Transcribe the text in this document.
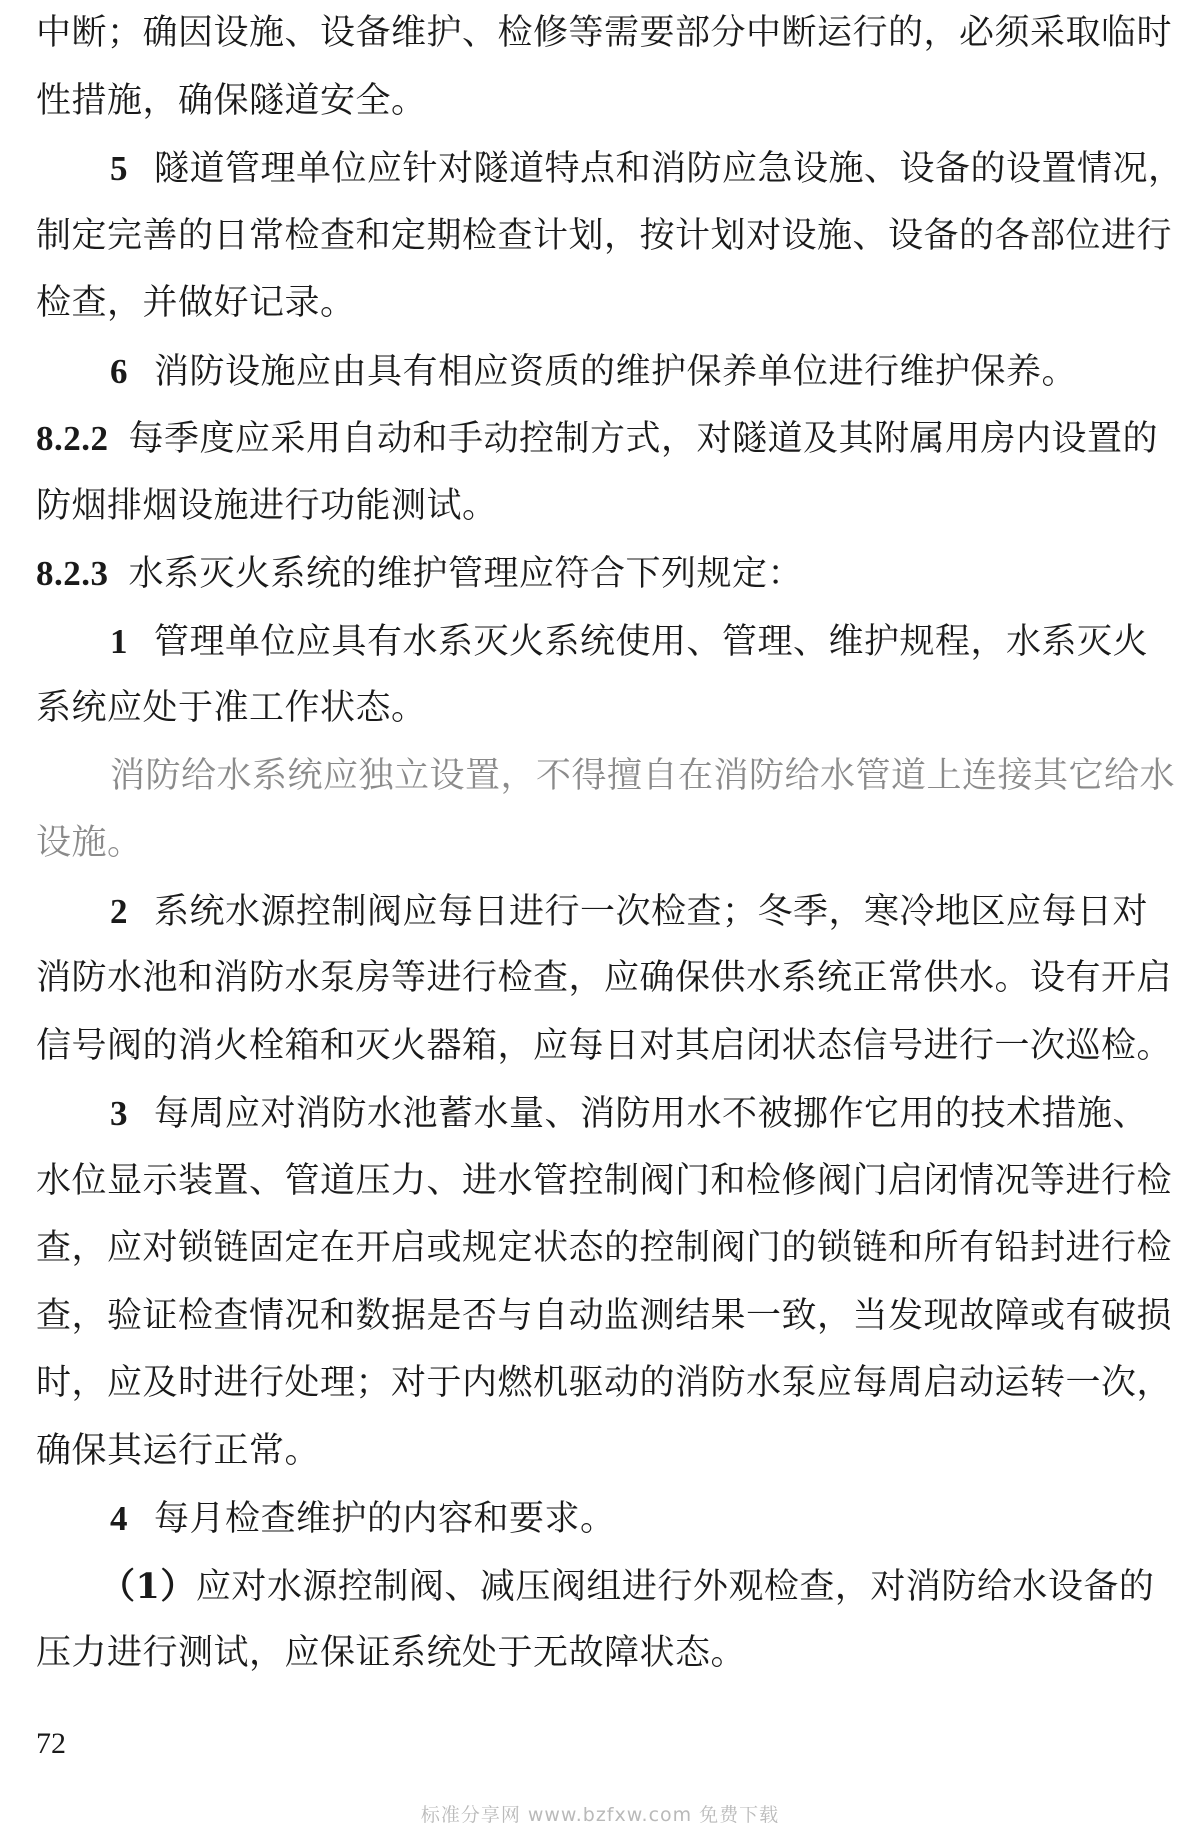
中断；确因设施、设备维护、检修等需要部分中断运行的，必须采取临时
性措施，确保隧道安全。
5 隧道管理单位应针对隧道特点和消防应急设施、设备的设置情况，
制定完善的日常检查和定期检查计划，按计划对设施、设备的各部位进行
检查，并做好记录。
6 消防设施应由具有相应资质的维护保养单位进行维护保养。
8.2.2 每季度应采用自动和手动控制方式，对隧道及其附属用房内设置的
防烟排烟设施进行功能测试。
8.2.3 水系灭火系统的维护管理应符合下列规定：
1 管理单位应具有水系灭火系统使用、管理、维护规程，水系灭火
系统应处于准工作状态。
消防给水系统应独立设置，不得擅自在消防给水管道上连接其它给水
设施。
2 系统水源控制阀应每日进行一次检查；冬季，寒冷地区应每日对
消防水池和消防水泵房等进行检查，应确保供水系统正常供水。设有开启
信号阀的消火栓箱和灭火器箱，应每日对其启闭状态信号进行一次巡检。
3 每周应对消防水池蓄水量、消防用水不被挪作它用的技术措施、
水位显示装置、管道压力、进水管控制阀门和检修阀门启闭情况等进行检
查，应对锁链固定在开启或规定状态的控制阀门的锁链和所有铅封进行检
查，验证检查情况和数据是否与自动监测结果一致，当发现故障或有破损
时，应及时进行处理；对于内燃机驱动的消防水泵应每周启动运转一次，
确保其运行正常。
4 每月检查维护的内容和要求。
（1）应对水源控制阀、减压阀组进行外观检查，对消防给水设备的
压力进行测试，应保证系统处于无故障状态。
72
标准分享网 www.bzfxw.com 免费下载
